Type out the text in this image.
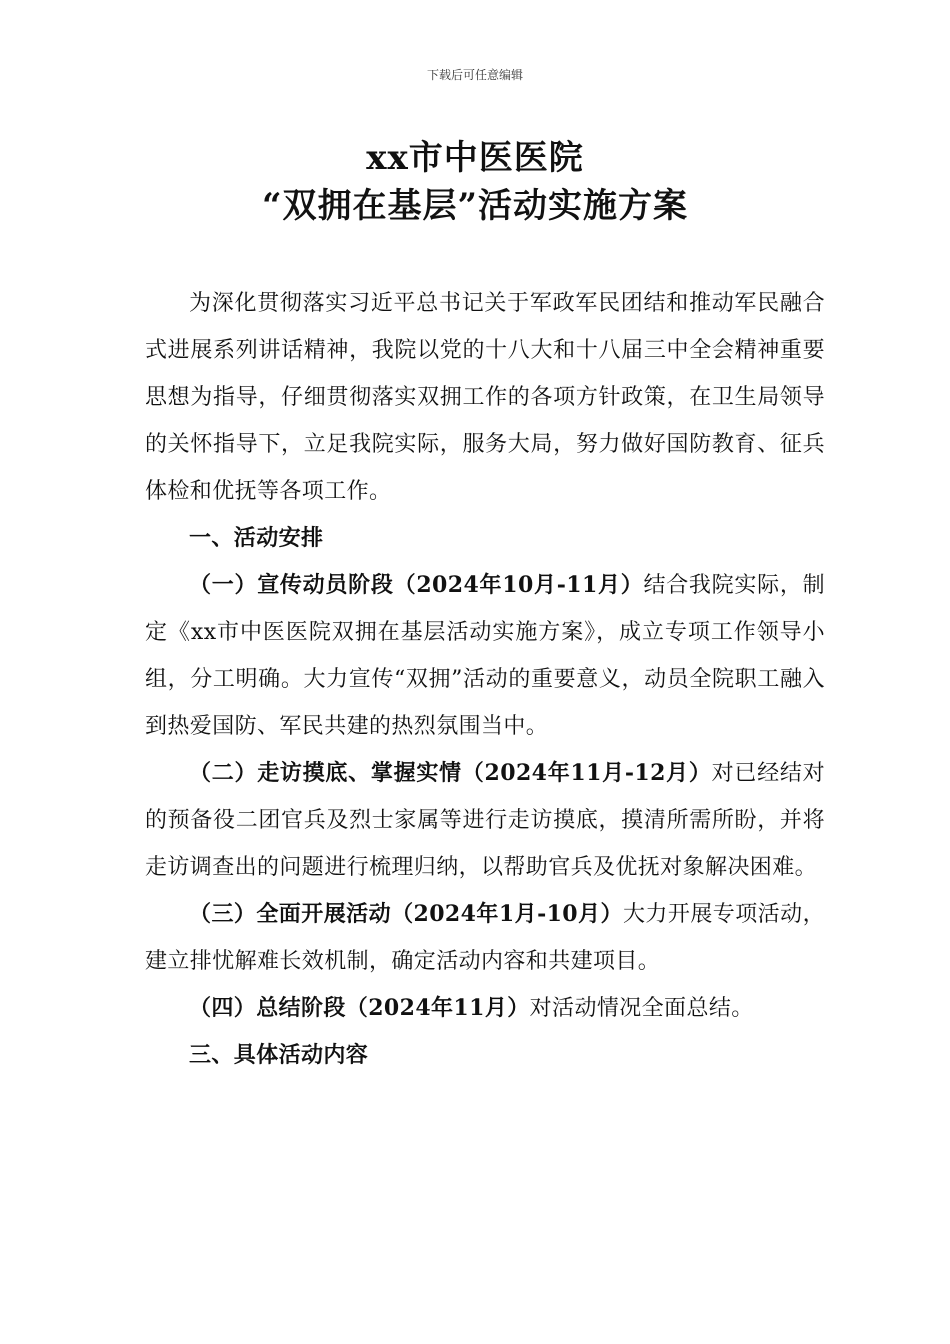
下载后可任意编辑
xx市中医医院
“双拥在基层”活动实施方案

为深化贯彻落实习近平总书记关于军政军民团结和推动军民融合式进展系列讲话精神，我院以党的十八大和十八届三中全会精神重要思想为指导，仔细贯彻落实双拥工作的各项方针政策，在卫生局领导的关怀指导下，立足我院实际，服务大局，努力做好国防教育、征兵体检和优抚等各项工作。

一、活动安排

（一）宣传动员阶段（2024年10月-11月）结合我院实际，制定《xx市中医医院双拥在基层活动实施方案》，成立专项工作领导小组，分工明确。大力宣传“双拥”活动的重要意义，动员全院职工融入到热爱国防、军民共建的热烈氛围当中。

（二）走访摸底、掌握实情（2024年11月-12月）对已经结对的预备役二团官兵及烈士家属等进行走访摸底，摸清所需所盼，并将走访调查出的问题进行梳理归纳，以帮助官兵及优抚对象解决困难。

（三）全面开展活动（2024年1月-10月）大力开展专项活动，建立排忧解难长效机制，确定活动内容和共建项目。

（四）总结阶段（2024年11月）对活动情况全面总结。

三、具体活动内容
